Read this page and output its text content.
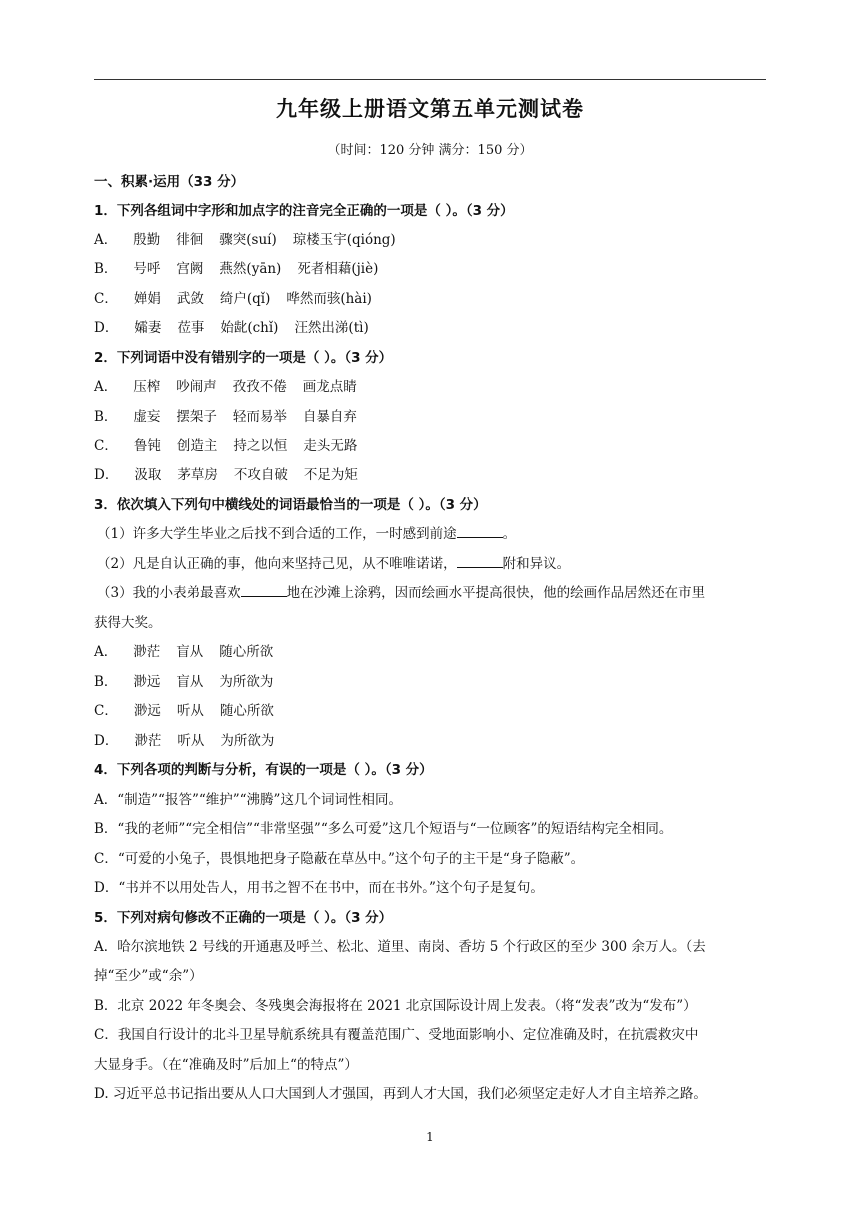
九年级上册语文第五单元测试卷
（时间：120 分钟 满分：150 分）
一、积累·运用（33 分）
1．下列各组词中字形和加点字的注音完全正确的一项是（ ）。（3 分）
A． 殷勤 徘徊 骤突(suí) 琼楼玉宇(qióng)
B． 号呼 宫阙 燕然(yān) 死者相藉(jiè)
C． 婵娟 武敛 绮户(qǐ) 哗然而骇(hài)
D． 孀妻 莅事 始龀(chǐ) 汪然出涕(tì)
2．下列词语中没有错别字的一项是（ ）。（3 分）
A． 压榨 吵闹声 孜孜不倦 画龙点睛
B． 虚妄 摆架子 轻而易举 自暴自弃
C． 鲁钝 创造主 持之以恒 走头无路
D． 汲取 茅草房 不攻自破 不足为矩
3．依次填入下列句中横线处的词语最恰当的一项是（ ）。（3 分）
（1）许多大学生毕业之后找不到合适的工作，一时感到前途	。
（2）凡是自认正确的事，他向来坚持己见，从不唯唯诺诺，	附和异议。
（3）我的小表弟最喜欢	地在沙滩上涂鸦，因而绘画水平提高很快，他的绘画作品居然还在市里
获得大奖。
A． 渺茫 盲从 随心所欲
B． 渺远 盲从 为所欲为
C． 渺远 听从 随心所欲
D． 渺茫 听从 为所欲为
4．下列各项的判断与分析，有误的一项是（ ）。（3 分）
A．“制造”“报答”“维护”“沸腾”这几个词词性相同。
B．“我的老师”“完全相信”“非常坚强”“多么可爱”这几个短语与“一位顾客”的短语结构完全相同。
C．“可爱的小兔子，畏惧地把身子隐蔽在草丛中。”这个句子的主干是“身子隐蔽”。
D．“书并不以用处告人，用书之智不在书中，而在书外。”这个句子是复句。
5．下列对病句修改不正确的一项是（ ）。（3 分）
A．哈尔滨地铁 2 号线的开通惠及呼兰、松北、道里、南岗、香坊 5 个行政区的至少 300 余万人。（去
掉“至少”或“余”）
B．北京 2022 年冬奥会、冬残奥会海报将在 2021 北京国际设计周上发表。（将“发表”改为“发布”）
C．我国自行设计的北斗卫星导航系统具有覆盖范围广、受地面影响小、定位准确及时，在抗震救灾中
大显身手。（在“准确及时”后加上“的特点”）
D. 习近平总书记指出要从人口大国到人才强国，再到人才大国，我们必须坚定走好人才自主培养之路。
1
